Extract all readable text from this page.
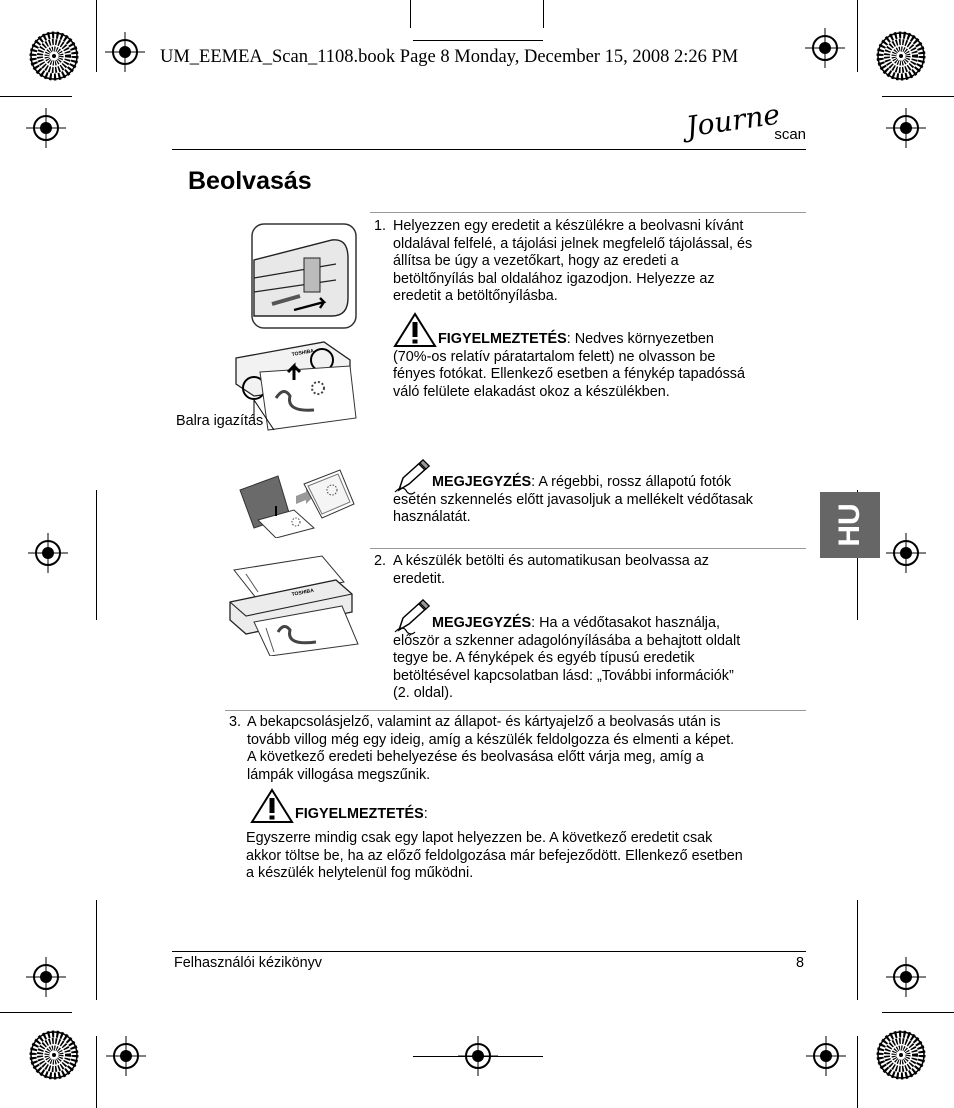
UM_EEMEA_Scan_1108.book Page 8 Monday, December 15, 2008 2:26 PM
Journe
scan
Beolvasás
HU
1. Helyezzen egy eredetit a készülékre a beolvasni kívánt
oldalával felfelé, a tájolási jelnek megfelelő tájolással, és
állítsa be úgy a vezetőkart, hogy az eredeti a
betöltőnyílás bal oldalához igazodjon. Helyezze az
eredetit a betöltőnyílásba.
FIGYELMEZTETÉS: Nedves környezetben
(70%-os relatív páratartalom felett) ne olvasson be
fényes fotókat. Ellenkező esetben a fénykép tapadóssá
váló felülete elakadást okoz a készülékben.
TOSHIBA
Balra igazítás
MEGJEGYZÉS: A régebbi, rossz állapotú fotók
esetén szkennelés előtt javasoljuk a mellékelt védőtasak
használatát.
TOSHIBA
2. A készülék betölti és automatikusan beolvassa az
eredetit.
MEGJEGYZÉS: Ha a védőtasakot használja,
először a szkenner adagolónyílásába a behajtott oldalt
tegye be. A fényképek és egyéb típusú eredetik
betöltésével kapcsolatban lásd: „További információk”
(2. oldal).
3. A bekapcsolásjelző, valamint az állapot- és kártyajelző a beolvasás után is
tovább villog még egy ideig, amíg a készülék feldolgozza és elmenti a képet.
A következő eredeti behelyezése és beolvasása előtt várja meg, amíg a
lámpák villogása megszűnik.
FIGYELMEZTETÉS:
Egyszerre mindig csak egy lapot helyezzen be. A következő eredetit csak
akkor töltse be, ha az előző feldolgozása már befejeződött. Ellenkező esetben
a készülék helytelenül fog működni.
Felhasználói kézikönyv	8
